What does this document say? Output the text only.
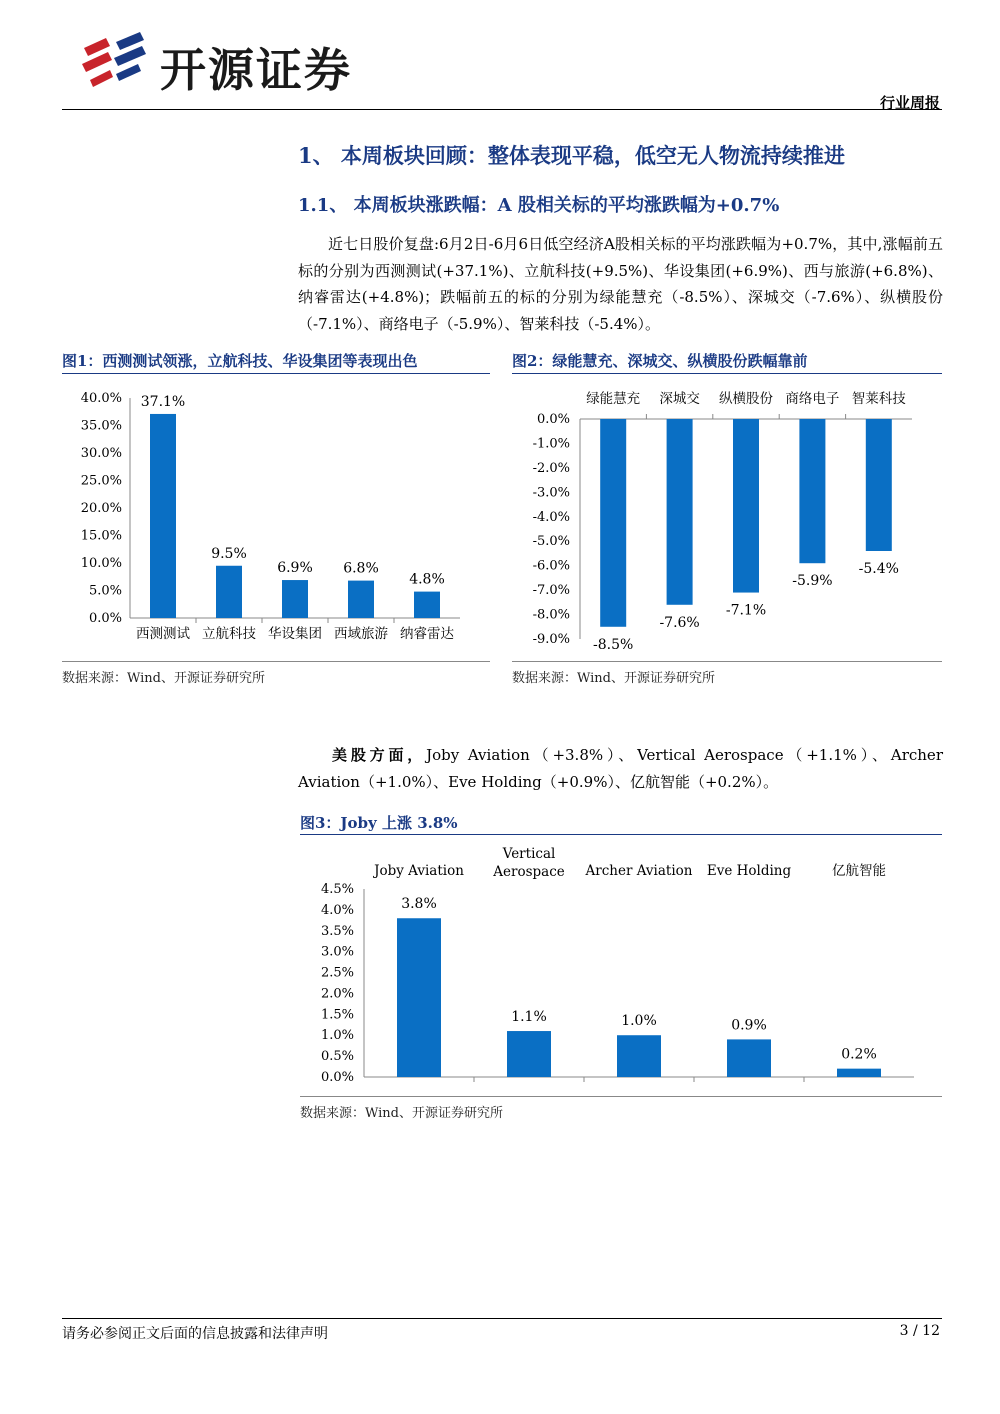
开源证券
行业周报
1、 本周板块回顾：整体表现平稳，低空无人物流持续推进
1.1、 本周板块涨跌幅：A 股相关标的平均涨跌幅为+0.7%
近七日股价复盘:6月2日-6月6日低空经济A股相关标的平均涨跌幅为+0.7%，其中,涨幅前五标的分别为西测测试(+37.1%)、立航科技(+9.5%)、华设集团(+6.9%)、西与旅游(+6.8%)、纳睿雷达(+4.8%)；跌幅前五的标的分别为绿能慧充（-8.5%）、深城交（-7.6%）、纵横股份（-7.1%）、商络电子（-5.9%）、智莱科技（-5.4%）。
图1：西测测试领涨，立航科技、华设集团等表现出色
0.0%
5.0%
10.0%
15.0%
20.0%
25.0%
30.0%
35.0%
40.0% 37.1%
西测测试
9.5%
立航科技
6.9%
华设集团
6.8%
西域旅游
4.8%
纳睿雷达
数据来源：Wind、开源证券研究所
图2：绿能慧充、深城交、纵横股份跌幅靠前
0.0%
-1.0%
-2.0%
-3.0%
-4.0%
-5.0%
-6.0%
-7.0%
-8.0%
-9.0% -8.5%
绿能慧充
-7.6%
深城交
-7.1%
纵横股份
-5.9%
商络电子
-5.4%
智莱科技
数据来源：Wind、开源证券研究所
美股方面，Joby Aviation（+3.8%）、Vertical Aerospace（+1.1%）、Archer Aviation（+1.0%）、Eve Holding（+0.9%）、亿航智能（+0.2%）。
图3：Joby 上涨 3.8%
0.0%
0.5%
1.0%
1.5%
2.0%
2.5%
3.0%
3.5%
4.0%
4.5%
3.8%
Joby Aviation
1.1%
Vertical Aerospace
1.0%
Archer Aviation
0.9%
Eve Holding
0.2%
亿航智能
数据来源：Wind、开源证券研究所
请务必参阅正文后面的信息披露和法律声明	3 / 12
